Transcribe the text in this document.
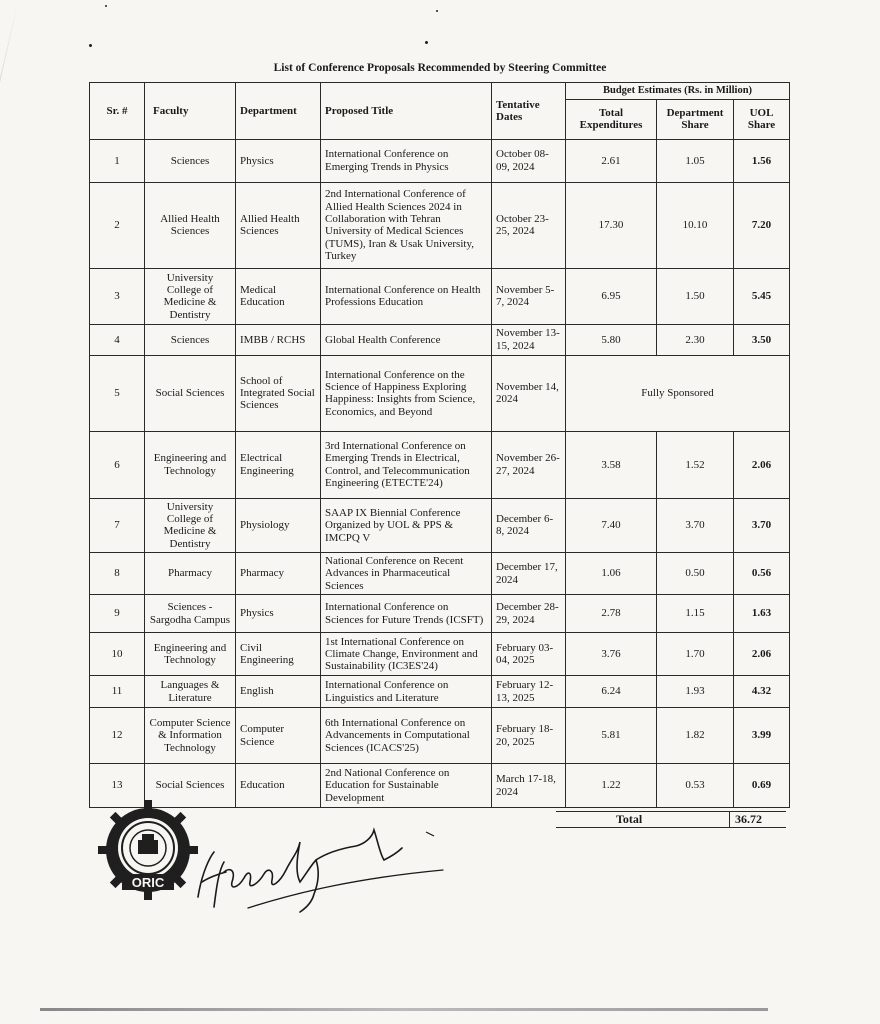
List of Conference Proposals Recommended by Steering Committee
Sr. #	Faculty	Department	Proposed Title	Tentative Dates	Budget Estimates (Rs. in Million)		
					Total Expenditures	Department Share	UOL Share
1	Sciences	Physics	International Conference on Emerging Trends in Physics	October 08-09, 2024	2.61	1.05	1.56
2	Allied Health Sciences	Allied Health Sciences	2nd International Conference of Allied Health Sciences 2024 in Collaboration with Tehran University of Medical Sciences (TUMS), Iran & Usak University, Turkey	October 23-25, 2024	17.30	10.10	7.20
3	University College of Medicine & Dentistry	Medical Education	International Conference on Health Professions Education	November 5-7, 2024	6.95	1.50	5.45
4	Sciences	IMBB / RCHS	Global Health Conference	November 13-15, 2024	5.80	2.30	3.50
5	Social Sciences	School of Integrated Social Sciences	International Conference on the Science of Happiness Exploring Happiness: Insights from Science, Economics, and Beyond	November 14, 2024	Fully Sponsored		
6	Engineering and Technology	Electrical Engineering	3rd International Conference on Emerging Trends in Electrical, Control, and Telecommunication Engineering (ETECTE'24)	November 26-27, 2024	3.58	1.52	2.06
7	University College of Medicine & Dentistry	Physiology	SAAP IX Biennial Conference Organized by UOL & PPS & IMCPQ V	December 6-8, 2024	7.40	3.70	3.70
8	Pharmacy	Pharmacy	National Conference on Recent Advances in Pharmaceutical Sciences	December 17, 2024	1.06	0.50	0.56
9	Sciences - Sargodha Campus	Physics	International Conference on Sciences for Future Trends (ICSFT)	December 28-29, 2024	2.78	1.15	1.63
10	Engineering and Technology	Civil Engineering	1st International Conference on Climate Change, Environment and Sustainability (IC3ES'24)	February 03-04, 2025	3.76	1.70	2.06
11	Languages & Literature	English	International Conference on Linguistics and Literature	February 12-13, 2025	6.24	1.93	4.32
12	Computer Science & Information Technology	Computer Science	6th International Conference on Advancements in Computational Sciences (ICACS'25)	February 18-20, 2025	5.81	1.82	3.99
13	Social Sciences	Education	2nd National Conference on Education for Sustainable Development	March 17-18, 2024	1.22	0.53	0.69
Total	36.72
ORIC
